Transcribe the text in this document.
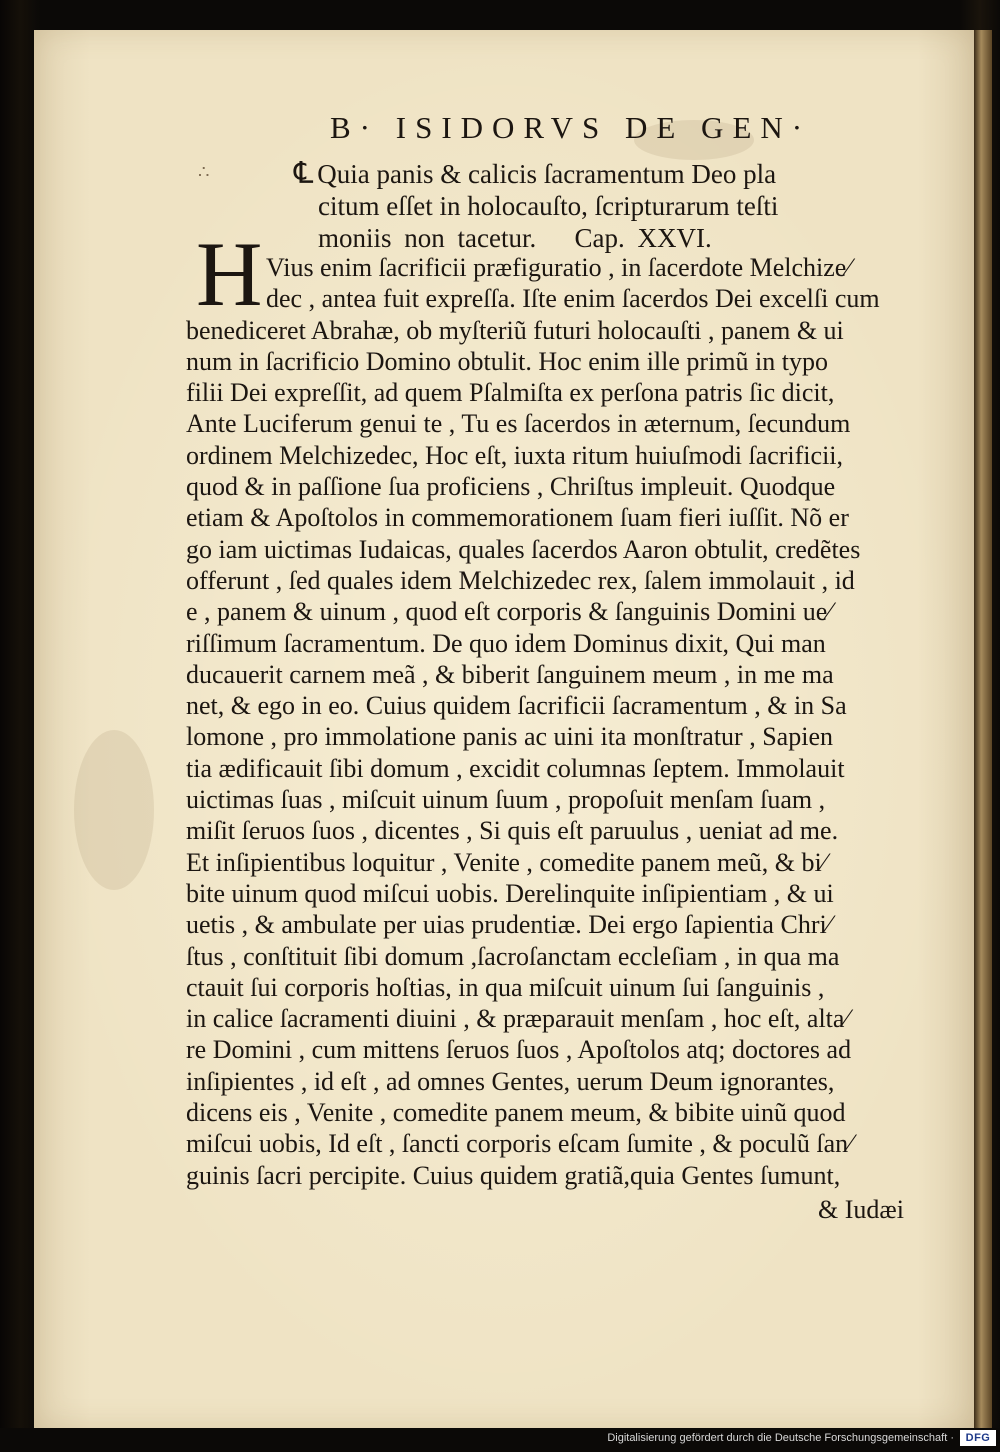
B· ISIDORVS DE GEN·
∴	℄ Quia panis & calicis ſacramentum Deo pla
citum eſſet in holocauſto, ſcripturarum teſti
moniis non tacetur. Cap. XXVI.
H Vius enim ſacrificii præfiguratio , in ſacerdote Melchize⁄
dec , antea fuit expreſſa. Iſte enim ſacerdos Dei excelſi cum
benediceret Abrahæ, ob myſteriũ futuri holocauſti , panem & ui
num in ſacrificio Domino obtulit. Hoc enim ille primũ in typo
filii Dei expreſſit, ad quem Pſalmiſta ex perſona patris ſic dicit,
Ante Luciferum genui te , Tu es ſacerdos in æternum, ſecundum
ordinem Melchizedec, Hoc eſt, iuxta ritum huiuſmodi ſacrificii,
quod & in paſſione ſua proficiens , Chriſtus impleuit. Quodque
etiam & Apoſtolos in commemorationem ſuam fieri iuſſit. Nõ er
go iam uictimas Iudaicas, quales ſacerdos Aaron obtulit, credẽtes
offerunt , ſed quales idem Melchizedec rex, ſalem immolauit , id
e , panem & uinum , quod eſt corporis & ſanguinis Domini ue⁄
riſſimum ſacramentum. De quo idem Dominus dixit, Qui man
ducauerit carnem meã , & biberit ſanguinem meum , in me ma
net, & ego in eo. Cuius quidem ſacrificii ſacramentum , & in Sa
lomone , pro immolatione panis ac uini ita monſtratur , Sapien
tia ædificauit ſibi domum , excidit columnas ſeptem. Immolauit
uictimas ſuas , miſcuit uinum ſuum , propoſuit menſam ſuam ,
miſit ſeruos ſuos , dicentes , Si quis eſt paruulus , ueniat ad me.
Et inſipientibus loquitur , Venite , comedite panem meũ, & bi⁄
bite uinum quod miſcui uobis. Derelinquite inſipientiam , & ui
uetis , & ambulate per uias prudentiæ. Dei ergo ſapientia Chri⁄
ſtus , conſtituit ſibi domum ,ſacroſanctam eccleſiam , in qua ma
ctauit ſui corporis hoſtias, in qua miſcuit uinum ſui ſanguinis ,
in calice ſacramenti diuini , & præparauit menſam , hoc eſt, alta⁄
re Domini , cum mittens ſeruos ſuos , Apoſtolos atq; doctores ad
inſipientes , id eſt , ad omnes Gentes, uerum Deum ignorantes,
dicens eis , Venite , comedite panem meum, & bibite uinũ quod
miſcui uobis, Id eſt , ſancti corporis eſcam ſumite , & poculũ ſan⁄
guinis ſacri percipite. Cuius quidem gratiã,quia Gentes ſumunt,
& Iudæi
Digitalisierung gefördert durch die Deutsche Forschungsgemeinschaft ·	DFG
